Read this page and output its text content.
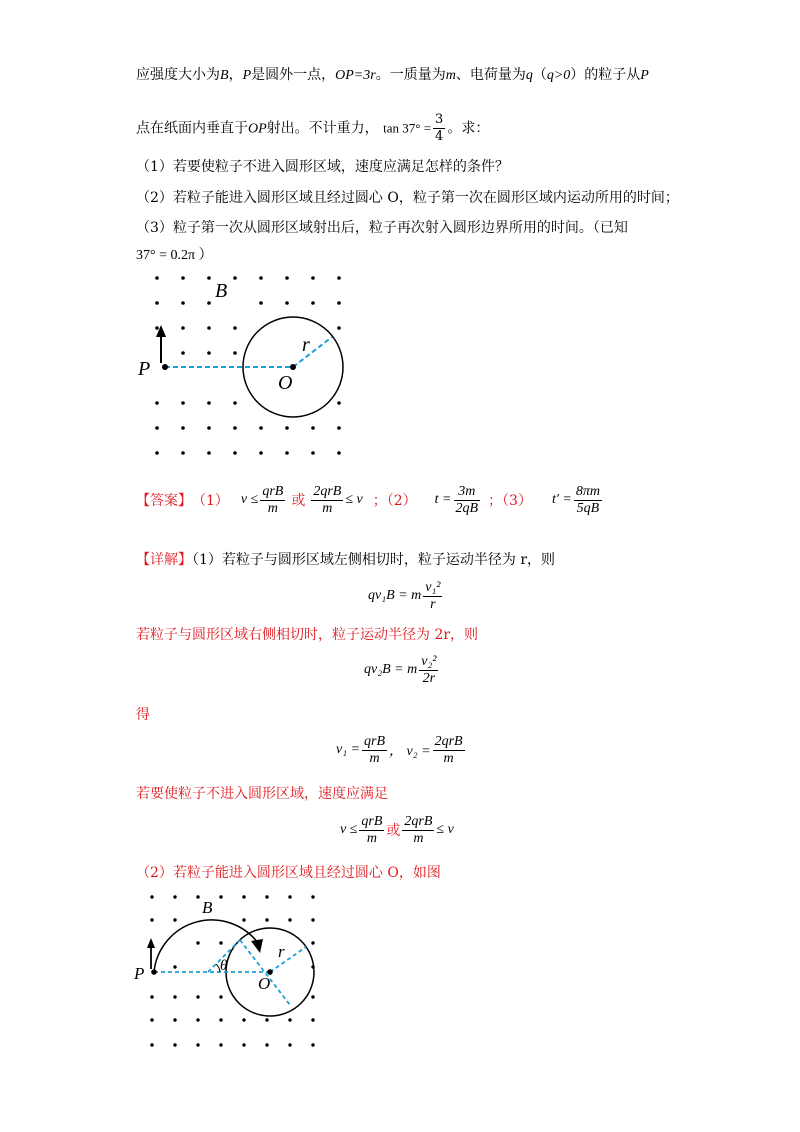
应强度大小为B，P是圆外一点，OP=3r。一质量为m、电荷量为q（q>0）的粒子从P
点在纸面内垂直于OP射出。不计重力， $\tan 37^\circ = \frac{3}{4}$ 。求：
（1）若要使粒子不进入圆形区域，速度应满足怎样的条件？
（2）若粒子能进入圆形区域且经过圆心 O，粒子第一次在圆形区域内运动所用的时间；
（3）粒子第一次从圆形区域射出后，粒子再次射入圆形边界所用的时间。（已知
37° = 0.2π ）
B
P
O
r
【答案】 （1） $v \le \frac{\text{qrB}}{m}$ 或 $\frac{\text{2qrB}}{m} \le v$ ；（2） $t = \frac{3m}{2qB}$ ；（3） $t' = \frac{8\pi m}{5qB}$
【详解】（1）若粒子与圆形区域左侧相切时，粒子运动半径为 r，则
qv₁B = m $\frac{\text{v₁²}}{r}$
若粒子与圆形区域右侧相切时，粒子运动半径为 2r，则
qv₂B = m $\frac{\text{v₂²}}{2r}$
得
$v_1 = \frac{\text{qrB}}{m}$ ， $v_2 = \frac{\text{2qrB}}{m}$
若要使粒子不进入圆形区域，速度应满足
$v \le \frac{\text{qrB}}{m}$ 或 $\frac{\text{2qrB}}{m} \le v$
（2）若粒子能进入圆形区域且经过圆心 O，如图
B
P
O
r
θ
